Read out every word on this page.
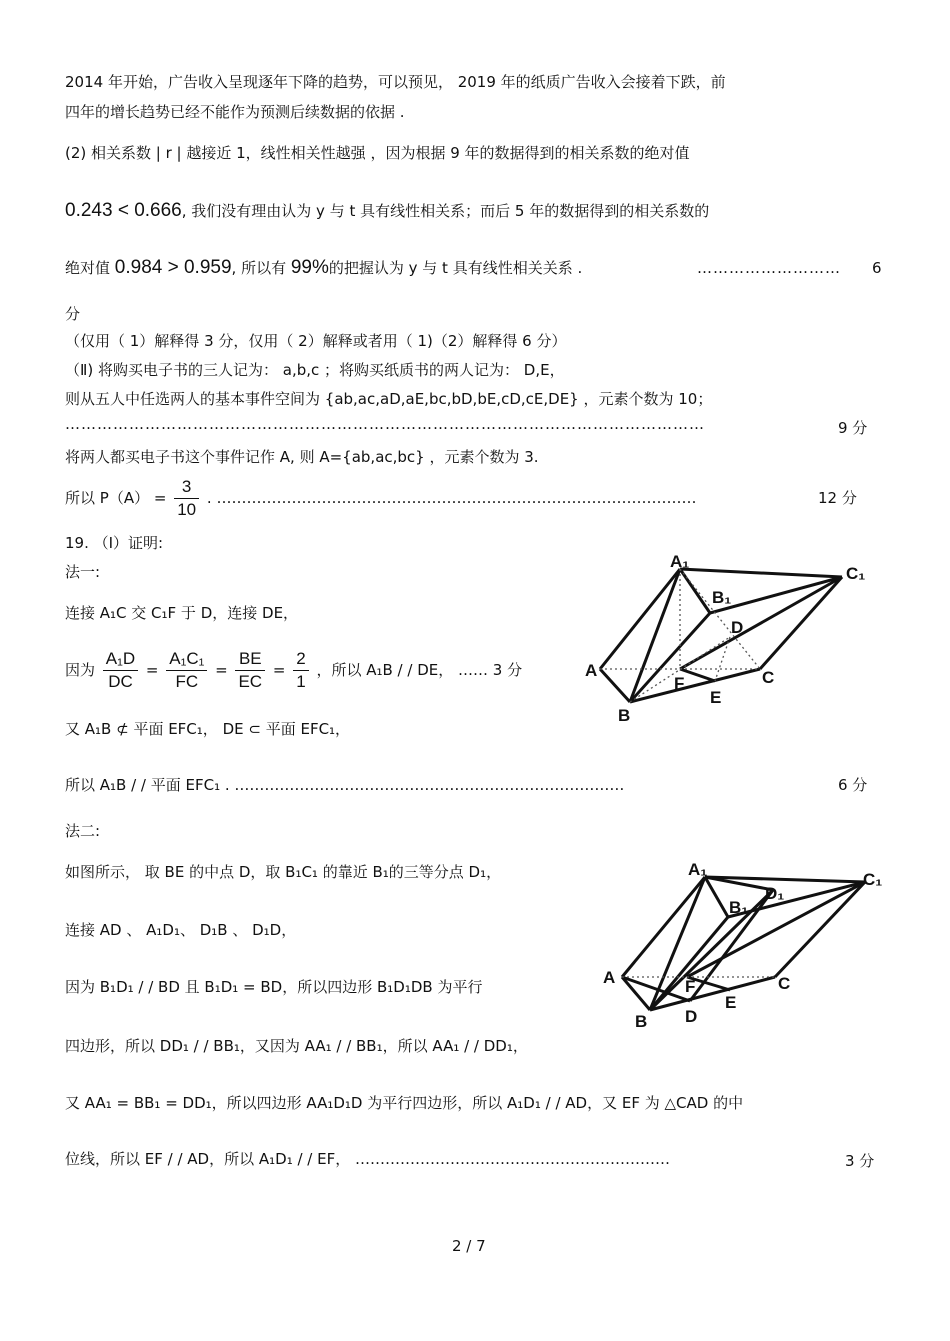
2014 年开始，广告收入呈现逐年下降的趋势，可以预见， 2019 年的纸质广告收入会接着下跌，前
四年的增长趋势已经不能作为预测后续数据的依据 .
(2) 相关系数 | r | 越接近 1，线性相关性越强 ，因为根据 9 年的数据得到的相关系数的绝对值
0.243 < 0.666, 我们没有理由认为 y 与 t 具有线性相关系；而后 5 年的数据得到的相关系数的
绝对值 0.984 > 0.959, 所以有 99%的把握认为 y 与 t 具有线性相关关系 .	……………………… 6
分
（仅用（ 1）解释得 3 分，仅用（ 2）解释或者用（ 1)（2）解释得 6 分）
（Ⅱ) 将购买电子书的三人记为： a,b,c ；将购买纸质书的两人记为： D,E，
则从五人中任选两人的基本事件空间为 {ab,ac,aD,aE,bc,bD,bE,cD,cE,DE} ，元素个数为 10；
…………………………………………………………………………………………………………	9 分
将两人都买电子书这个事件记作 A, 则 A={ab,ac,bc} ，元素个数为 3.
所以 $P(A) = \frac{3}{10}$ . ……………………………………………………………………………………	12 分
19. （Ⅰ）证明:
法一:
连接 A₁C 交 C₁F 于 D，连接 DE，
因为 $\frac{\text{A₁D}}{DC} = \frac{\text{A₁C₁}}{FC} = \frac{BE}{EC} = \frac{2}{1}$ ，所以 A₁B / / DE， …… 3 分
又 A₁B ⊄ 平面 EFC₁， DE ⊂ 平面 EFC₁，
所以 A₁B / / 平面 EFC₁ . ……………………………………………………………………	6 分
法二:
如图所示， 取 BE 的中点 D，取 B₁C₁ 的靠近 B₁的三等分点 D₁，
连接 AD 、 A₁D₁、 D₁B 、 D₁D，
因为 B₁D₁ / / BD 且 B₁D₁ = BD，所以四边形 B₁D₁DB 为平行
四边形，所以 DD₁ / / BB₁，又因为 AA₁ / / BB₁，所以 AA₁ / / DD₁，
又 AA₁ = BB₁ = DD₁，所以四边形 AA₁D₁D 为平行四边形，所以 A₁D₁ / / AD，又 EF 为 △CAD 的中
位线，所以 EF / / AD，所以 A₁D₁ / / EF， ………………………………………………………	3 分
2 / 7
A₁
C₁
B₁
D
A
F	C
E
B
A₁
C₁
D₁
B₁
A	F	C
E
D
B
